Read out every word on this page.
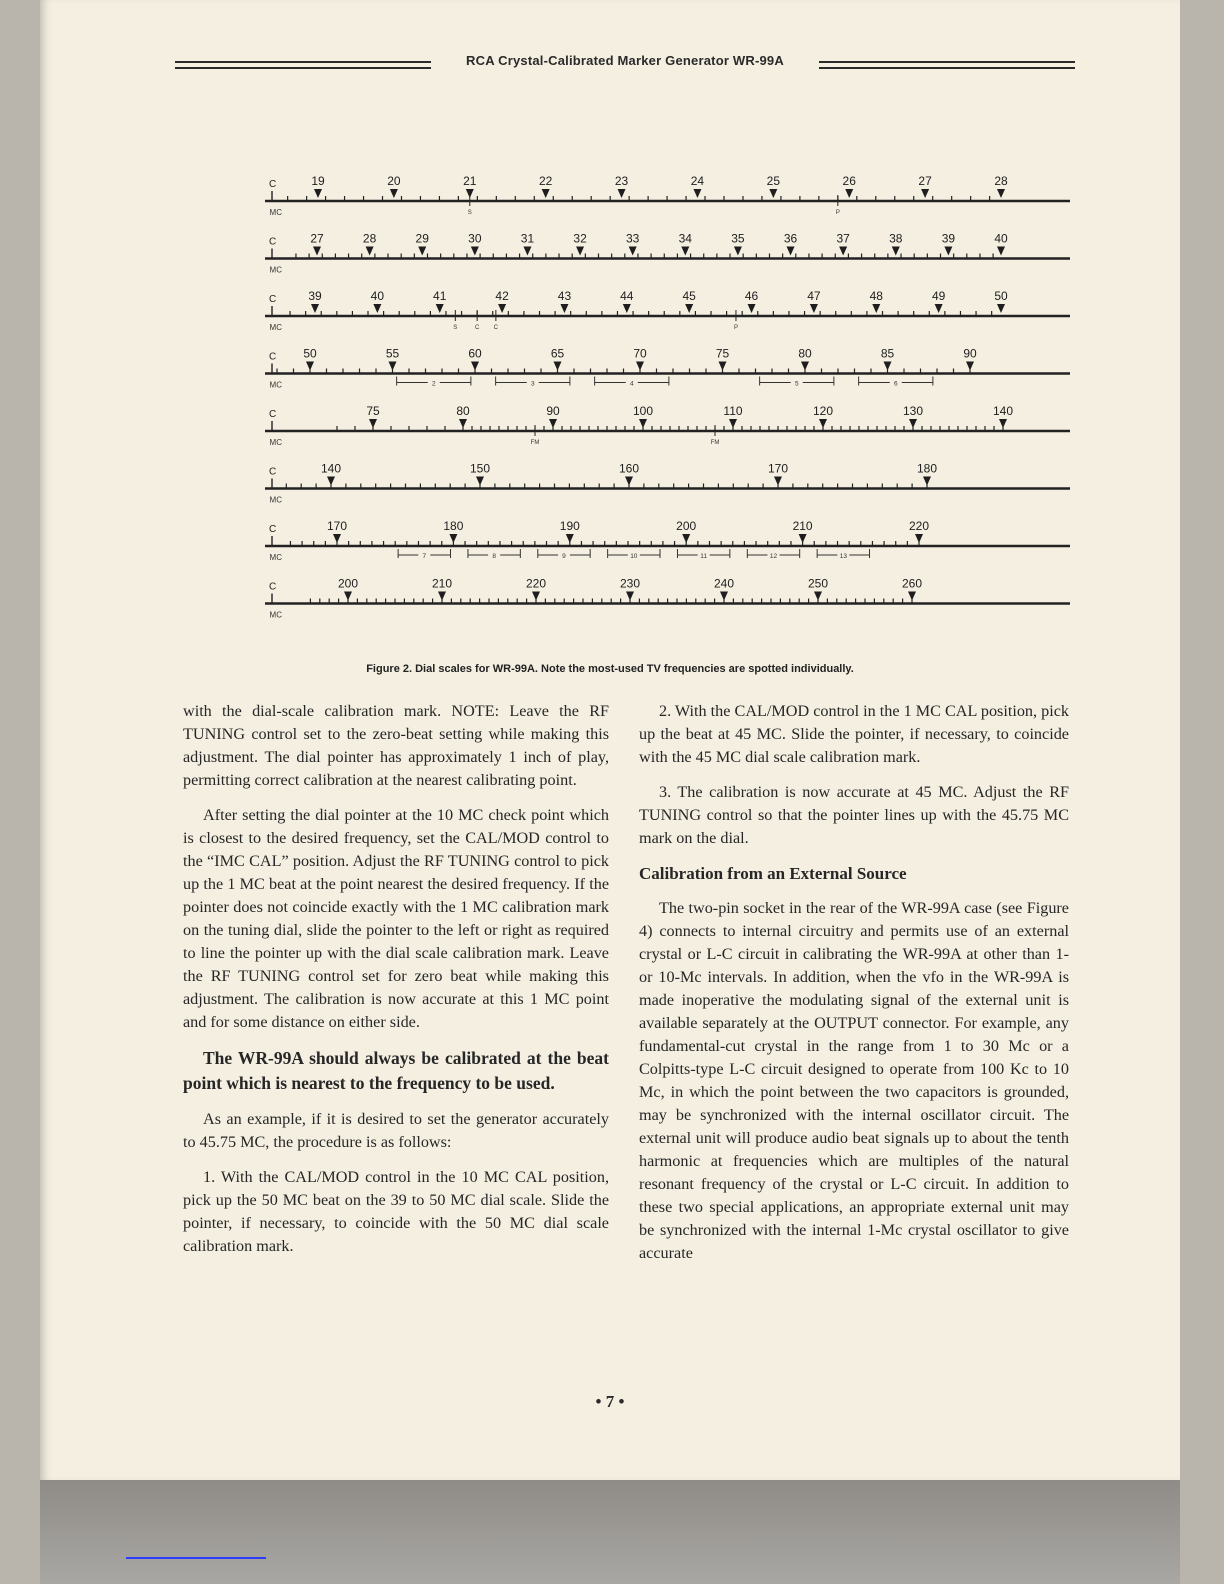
RCA Crystal-Calibrated Marker Generator WR-99A
C
MC
19	20	21	22	23	24	25	26	27	28
S	P
C
MC
27	28	29	30	31	32	33	34	35	36	37	38	39	40
C
MC
39	40	41	42	43	44	45	46	47	48	49	50
S	C C	P
C
MC
50	55	60	65	70	75	80	85	90
2	3	4	5	6
C
MC
75	80	90	100	110	120	130	140
FM	FM
C
MC
140	150	160	170	180
C
MC
170	180	190	200	210	220
7	8	9	10	11	12	13
C
MC
200	210	220	230	240	250	260
Figure 2. Dial scales for WR-99A. Note the most-used TV frequencies are spotted individually.

with the dial-scale calibration mark. NOTE: Leave the RF TUNING control set to the zero-beat setting while making this adjustment. The dial pointer has approximately 1 inch of play, permitting correct calibration at the nearest calibrating point.

After setting the dial pointer at the 10 MC check point which is closest to the desired frequency, set the CAL/MOD control to the “IMC CAL” position. Adjust the RF TUNING control to pick up the 1 MC beat at the point nearest the desired frequency. If the pointer does not coincide exactly with the 1 MC calibration mark on the tuning dial, slide the pointer to the left or right as required to line the pointer up with the dial scale calibration mark. Leave the RF TUNING control set for zero beat while making this adjustment. The calibration is now accurate at this 1 MC point and for some distance on either side.

The WR-99A should always be calibrated at the beat point which is nearest to the frequency to be used.

As an example, if it is desired to set the generator accurately to 45.75 MC, the procedure is as follows:

1. With the CAL/MOD control in the 10 MC CAL position, pick up the 50 MC beat on the 39 to 50 MC dial scale. Slide the pointer, if necessary, to coincide with the 50 MC dial scale calibration mark.

2. With the CAL/MOD control in the 1 MC CAL position, pick up the beat at 45 MC. Slide the pointer, if necessary, to coincide with the 45 MC dial scale calibration mark.

3. The calibration is now accurate at 45 MC. Adjust the RF TUNING control so that the pointer lines up with the 45.75 MC mark on the dial.

Calibration from an External Source

The two-pin socket in the rear of the WR-99A case (see Figure 4) connects to internal circuitry and permits use of an external crystal or L-C circuit in calibrating the WR-99A at other than 1- or 10-Mc intervals. In addition, when the vfo in the WR-99A is made inoperative the modulating signal of the external unit is available separately at the OUTPUT connector. For example, any fundamental-cut crystal in the range from 1 to 30 Mc or a Colpitts-type L-C circuit designed to operate from 100 Kc to 10 Mc, in which the point between the two capacitors is grounded, may be synchronized with the internal oscillator circuit. The external unit will produce audio beat signals up to about the tenth harmonic at frequencies which are multiples of the natural resonant frequency of the crystal or L-C circuit. In addition to these two special applications, an appropriate external unit may be synchronized with the internal 1-Mc crystal oscillator to give accurate

• 7 •
